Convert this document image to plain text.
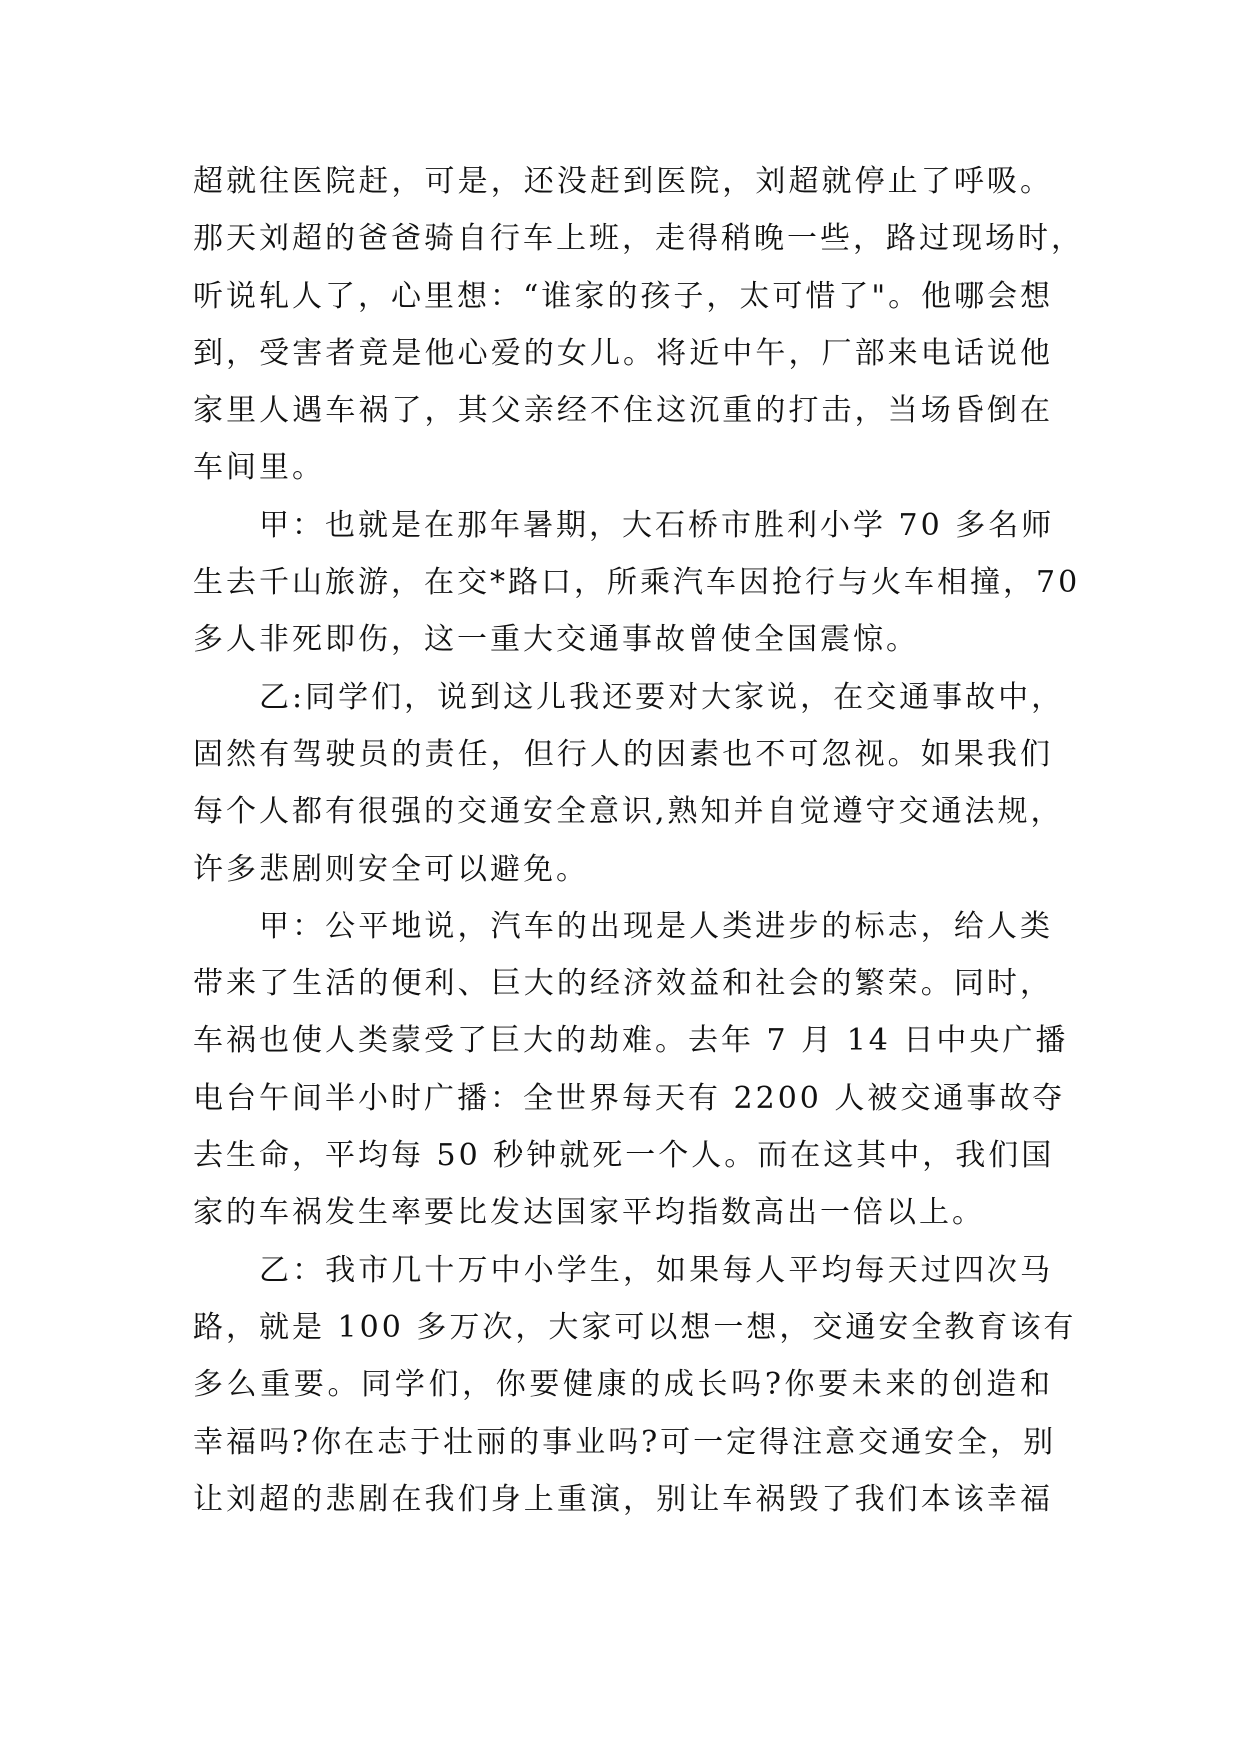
超就往医院赶，可是，还没赶到医院，刘超就停止了呼吸。
那天刘超的爸爸骑自行车上班，走得稍晚一些，路过现场时，
听说轧人了，心里想：“谁家的孩子，太可惜了"。他哪会想
到，受害者竟是他心爱的女儿。将近中午，厂部来电话说他
家里人遇车祸了，其父亲经不住这沉重的打击，当场昏倒在
车间里。

甲：也就是在那年暑期，大石桥市胜利小学 70 多名师

生去千山旅游，在交*路口，所乘汽车因抢行与火车相撞，70
多人非死即伤，这一重大交通事故曾使全国震惊。

乙:同学们，说到这儿我还要对大家说，在交通事故中，

固然有驾驶员的责任，但行人的因素也不可忽视。如果我们
每个人都有很强的交通安全意识,熟知并自觉遵守交通法规，
许多悲剧则安全可以避免。

甲：公平地说，汽车的出现是人类进步的标志，给人类

带来了生活的便利、巨大的经济效益和社会的繁荣。同时，
车祸也使人类蒙受了巨大的劫难。去年 7 月 14 日中央广播
电台午间半小时广播：全世界每天有 2200 人被交通事故夺
去生命，平均每 50 秒钟就死一个人。而在这其中，我们国
家的车祸发生率要比发达国家平均指数高出一倍以上。

乙：我市几十万中小学生，如果每人平均每天过四次马

路，就是 100 多万次，大家可以想一想，交通安全教育该有
多么重要。同学们，你要健康的成长吗?你要未来的创造和
幸福吗?你在志于壮丽的事业吗?可一定得注意交通安全，别
让刘超的悲剧在我们身上重演，别让车祸毁了我们本该幸福
